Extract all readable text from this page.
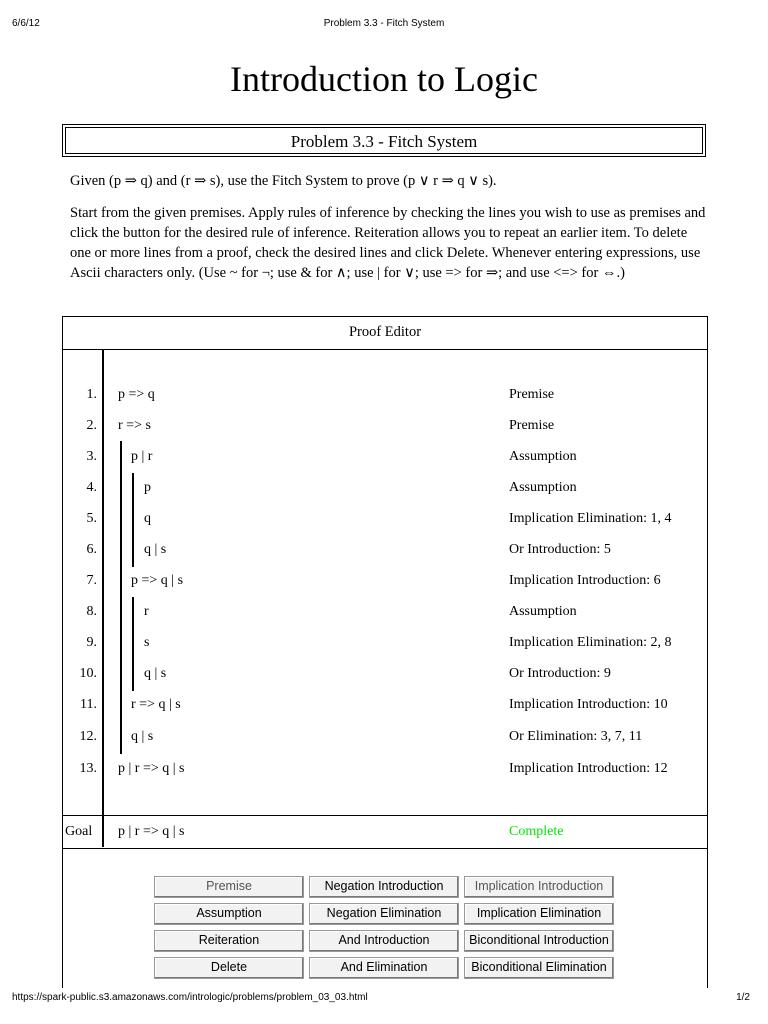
6/6/12	Problem 3.3 - Fitch System
Introduction to Logic
Problem 3.3 - Fitch System
Given (p ⇒ q) and (r ⇒ s), use the Fitch System to prove (p ∨ r ⇒ q ∨ s).
Start from the given premises. Apply rules of inference by checking the lines you wish to use as premises and click the button for the desired rule of inference. Reiteration allows you to repeat an earlier item. To delete one or more lines from a proof, check the desired lines and click Delete. Whenever entering expressions, use Ascii characters only. (Use ~ for ¬; use & for ∧; use | for ∨; use => for ⇒; and use <=> for ⇔.)
Proof Editor
1. p => q	Premise
2. r => s	Premise
3. p | r	Assumption
4.	p	Assumption
5.	q	Implication Elimination: 1, 4
6.	q | s	Or Introduction: 5
7. p => q | s	Implication Introduction: 6
8.	r	Assumption
9.	s	Implication Elimination: 2, 8
10.	q | s	Or Introduction: 9
11. r => q | s	Implication Introduction: 10
12. q | s	Or Elimination: 3, 7, 11
13. p | r => q | s	Implication Introduction: 12
Goal p | r => q | s	Complete
Premise	Negation Introduction	Implication Introduction
Assumption	Negation Elimination	Implication Elimination
Reiteration	And Introduction	Biconditional Introduction
Delete	And Elimination	Biconditional Elimination
https://spark-public.s3.amazonaws.com/intrologic/problems/problem_03_03.html	1/2
